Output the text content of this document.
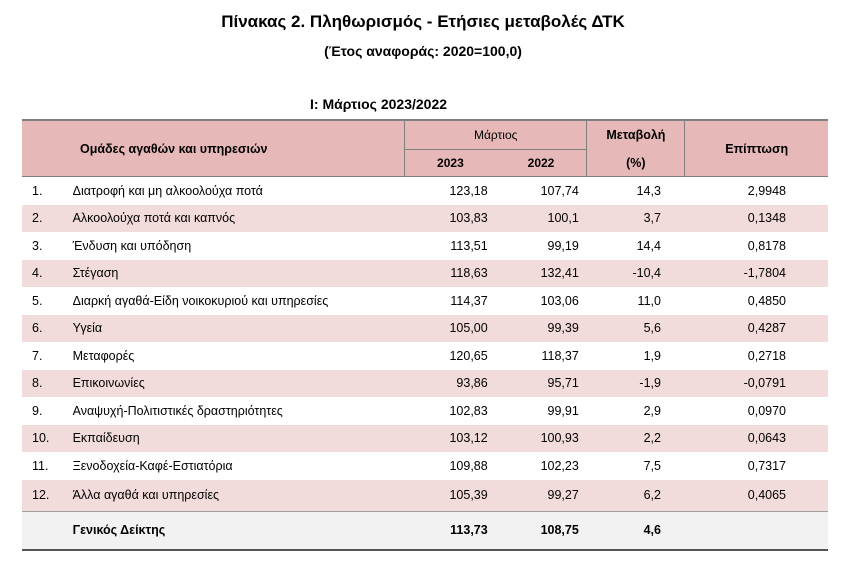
Πίνακας 2. Πληθωρισμός - Ετήσιες μεταβολές ΔΤΚ
(Έτος αναφοράς: 2020=100,0)
I: Μάρτιος 2023/2022
Ομάδες αγαθών και υπηρεσιών		Μάρτιος		Μεταβολή	Επίπτωση
		2023	2022	(%)	
1.	Διατροφή και μη αλκοολούχα ποτά	123,18	107,74	14,3	2,9948
2.	Αλκοολούχα ποτά και καπνός	103,83	100,1	3,7	0,1348
3.	Ένδυση και υπόδηση	113,51	99,19	14,4	0,8178
4.	Στέγαση	118,63	132,41	-10,4	-1,7804
5.	Διαρκή αγαθά-Είδη νοικοκυριού και υπηρεσίες	114,37	103,06	11,0	0,4850
6.	Υγεία	105,00	99,39	5,6	0,4287
7.	Μεταφορές	120,65	118,37	1,9	0,2718
8.	Επικοινωνίες	93,86	95,71	-1,9	-0,0791
9.	Αναψυχή-Πολιτιστικές δραστηριότητες	102,83	99,91	2,9	0,0970
10.	Εκπαίδευση	103,12	100,93	2,2	0,0643
11.	Ξενοδοχεία-Καφέ-Εστιατόρια	109,88	102,23	7,5	0,7317
12.	Άλλα αγαθά και υπηρεσίες	105,39	99,27	6,2	0,4065
	Γενικός Δείκτης	113,73	108,75	4,6	
